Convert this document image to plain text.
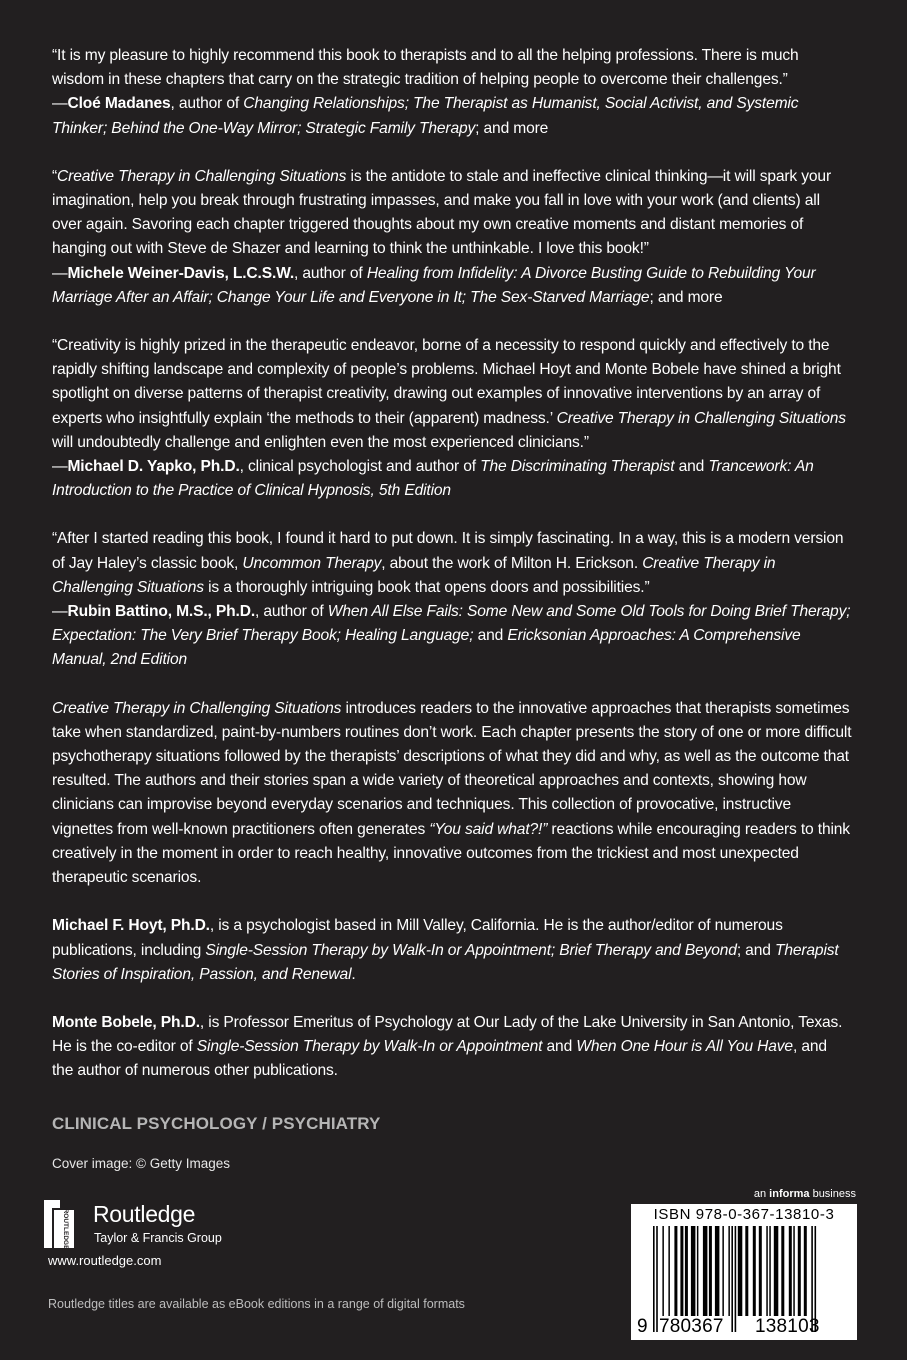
“It is my pleasure to highly recommend this book to therapists and to all the helping professions. There is much wisdom in these chapters that carry on the strategic tradition of helping people to overcome their challenges.”

—Cloé Madanes, author of Changing Relationships; The Therapist as Humanist, Social Activist, and Systemic Thinker; Behind the One-Way Mirror; Strategic Family Therapy; and more

“Creative Therapy in Challenging Situations is the antidote to stale and ineffective clinical thinking—it will spark your imagination, help you break through frustrating impasses, and make you fall in love with your work (and clients) all over again. Savoring each chapter triggered thoughts about my own creative moments and distant memories of hanging out with Steve de Shazer and learning to think the unthinkable. I love this book!”

—Michele Weiner-Davis, L.C.S.W., author of Healing from Infidelity: A Divorce Busting Guide to Rebuilding Your Marriage After an Affair; Change Your Life and Everyone in It; The Sex-Starved Marriage; and more

“Creativity is highly prized in the therapeutic endeavor, borne of a necessity to respond quickly and effectively to the rapidly shifting landscape and complexity of people’s problems. Michael Hoyt and Monte Bobele have shined a bright spotlight on diverse patterns of therapist creativity, drawing out examples of innovative interventions by an array of experts who insightfully explain ‘the methods to their (apparent) madness.’ Creative Therapy in Challenging Situations will undoubtedly challenge and enlighten even the most experienced clinicians.”

—Michael D. Yapko, Ph.D., clinical psychologist and author of The Discriminating Therapist and Trancework: An Introduction to the Practice of Clinical Hypnosis, 5th Edition

“After I started reading this book, I found it hard to put down. It is simply fascinating. In a way, this is a modern version of Jay Haley’s classic book, Uncommon Therapy, about the work of Milton H. Erickson. Creative Therapy in Challenging Situations is a thoroughly intriguing book that opens doors and possibilities.”

—Rubin Battino, M.S., Ph.D., author of When All Else Fails: Some New and Some Old Tools for Doing Brief Therapy; Expectation: The Very Brief Therapy Book; Healing Language; and Ericksonian Approaches: A Comprehensive Manual, 2nd Edition

Creative Therapy in Challenging Situations introduces readers to the innovative approaches that therapists sometimes take when standardized, paint-by-numbers routines don’t work. Each chapter presents the story of one or more difficult psychotherapy situations followed by the therapists’ descriptions of what they did and why, as well as the outcome that resulted. The authors and their stories span a wide variety of theoretical approaches and contexts, showing how clinicians can improvise beyond everyday scenarios and techniques. This collection of provocative, instructive vignettes from well-known practitioners often generates “You said what?!” reactions while encouraging readers to think creatively in the moment in order to reach healthy, innovative outcomes from the trickiest and most unexpected therapeutic scenarios.

Michael F. Hoyt, Ph.D., is a psychologist based in Mill Valley, California. He is the author/editor of numerous publications, including Single-Session Therapy by Walk-In or Appointment; Brief Therapy and Beyond; and Therapist Stories of Inspiration, Passion, and Renewal.

Monte Bobele, Ph.D., is Professor Emeritus of Psychology at Our Lady of the Lake University in San Antonio, Texas. He is the co-editor of Single-Session Therapy by Walk-In or Appointment and When One Hour is All You Have, and the author of numerous other publications.

CLINICAL PSYCHOLOGY / PSYCHIATRY
Cover image: © Getty Images
ROUTLEDGE Routledge
Taylor & Francis Group
www.routledge.com
Routledge titles are available as eBook editions in a range of digital formats
an informa business
ISBN 978-0-367-13810-3
9 780367 138103
